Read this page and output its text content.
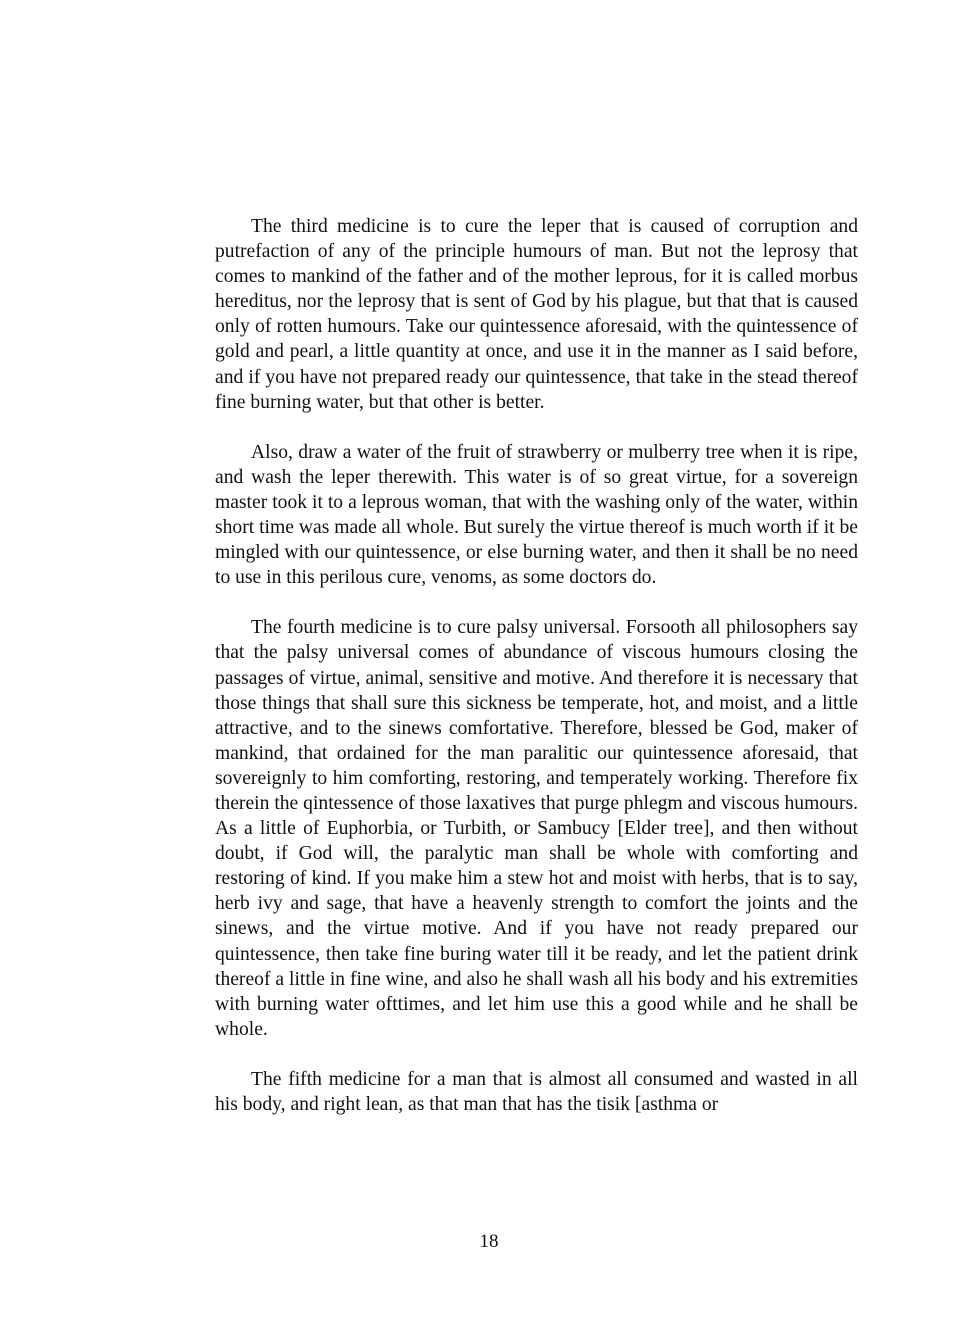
The third medicine is to cure the leper that is caused of corruption and putrefaction of any of the principle humours of man. But not the leprosy that comes to mankind of the father and of the mother leprous, for it is called morbus hereditus, nor the leprosy that is sent of God by his plague, but that that is caused only of rotten humours. Take our quintessence aforesaid, with the quintessence of gold and pearl, a little quantity at once, and use it in the manner as I said before, and if you have not prepared ready our quintessence, that take in the stead thereof fine burning water, but that other is better.

Also, draw a water of the fruit of strawberry or mulberry tree when it is ripe, and wash the leper therewith. This water is of so great virtue, for a sovereign master took it to a leprous woman, that with the washing only of the water, within short time was made all whole. But surely the virtue thereof is much worth if it be mingled with our quintessence, or else burning water, and then it shall be no need to use in this perilous cure, venoms, as some doctors do.

The fourth medicine is to cure palsy universal. Forsooth all philosophers say that the palsy universal comes of abundance of viscous humours closing the passages of virtue, animal, sensitive and motive. And therefore it is necessary that those things that shall sure this sickness be temperate, hot, and moist, and a little attractive, and to the sinews comfortative. Therefore, blessed be God, maker of mankind, that ordained for the man paralitic our quintessence aforesaid, that sovereignly to him comforting, restoring, and temperately working. Therefore fix therein the qintessence of those laxatives that purge phlegm and viscous humours. As a little of Euphorbia, or Turbith, or Sambucy [Elder tree], and then without doubt, if God will, the paralytic man shall be whole with comforting and restoring of kind. If you make him a stew hot and moist with herbs, that is to say, herb ivy and sage, that have a heavenly strength to comfort the joints and the sinews, and the virtue motive. And if you have not ready prepared our quintessence, then take fine buring water till it be ready, and let the patient drink thereof a little in fine wine, and also he shall wash all his body and his extremities with burning water ofttimes, and let him use this a good while and he shall be whole.

The fifth medicine for a man that is almost all consumed and wasted in all his body, and right lean, as that man that has the tisik [asthma or

18
